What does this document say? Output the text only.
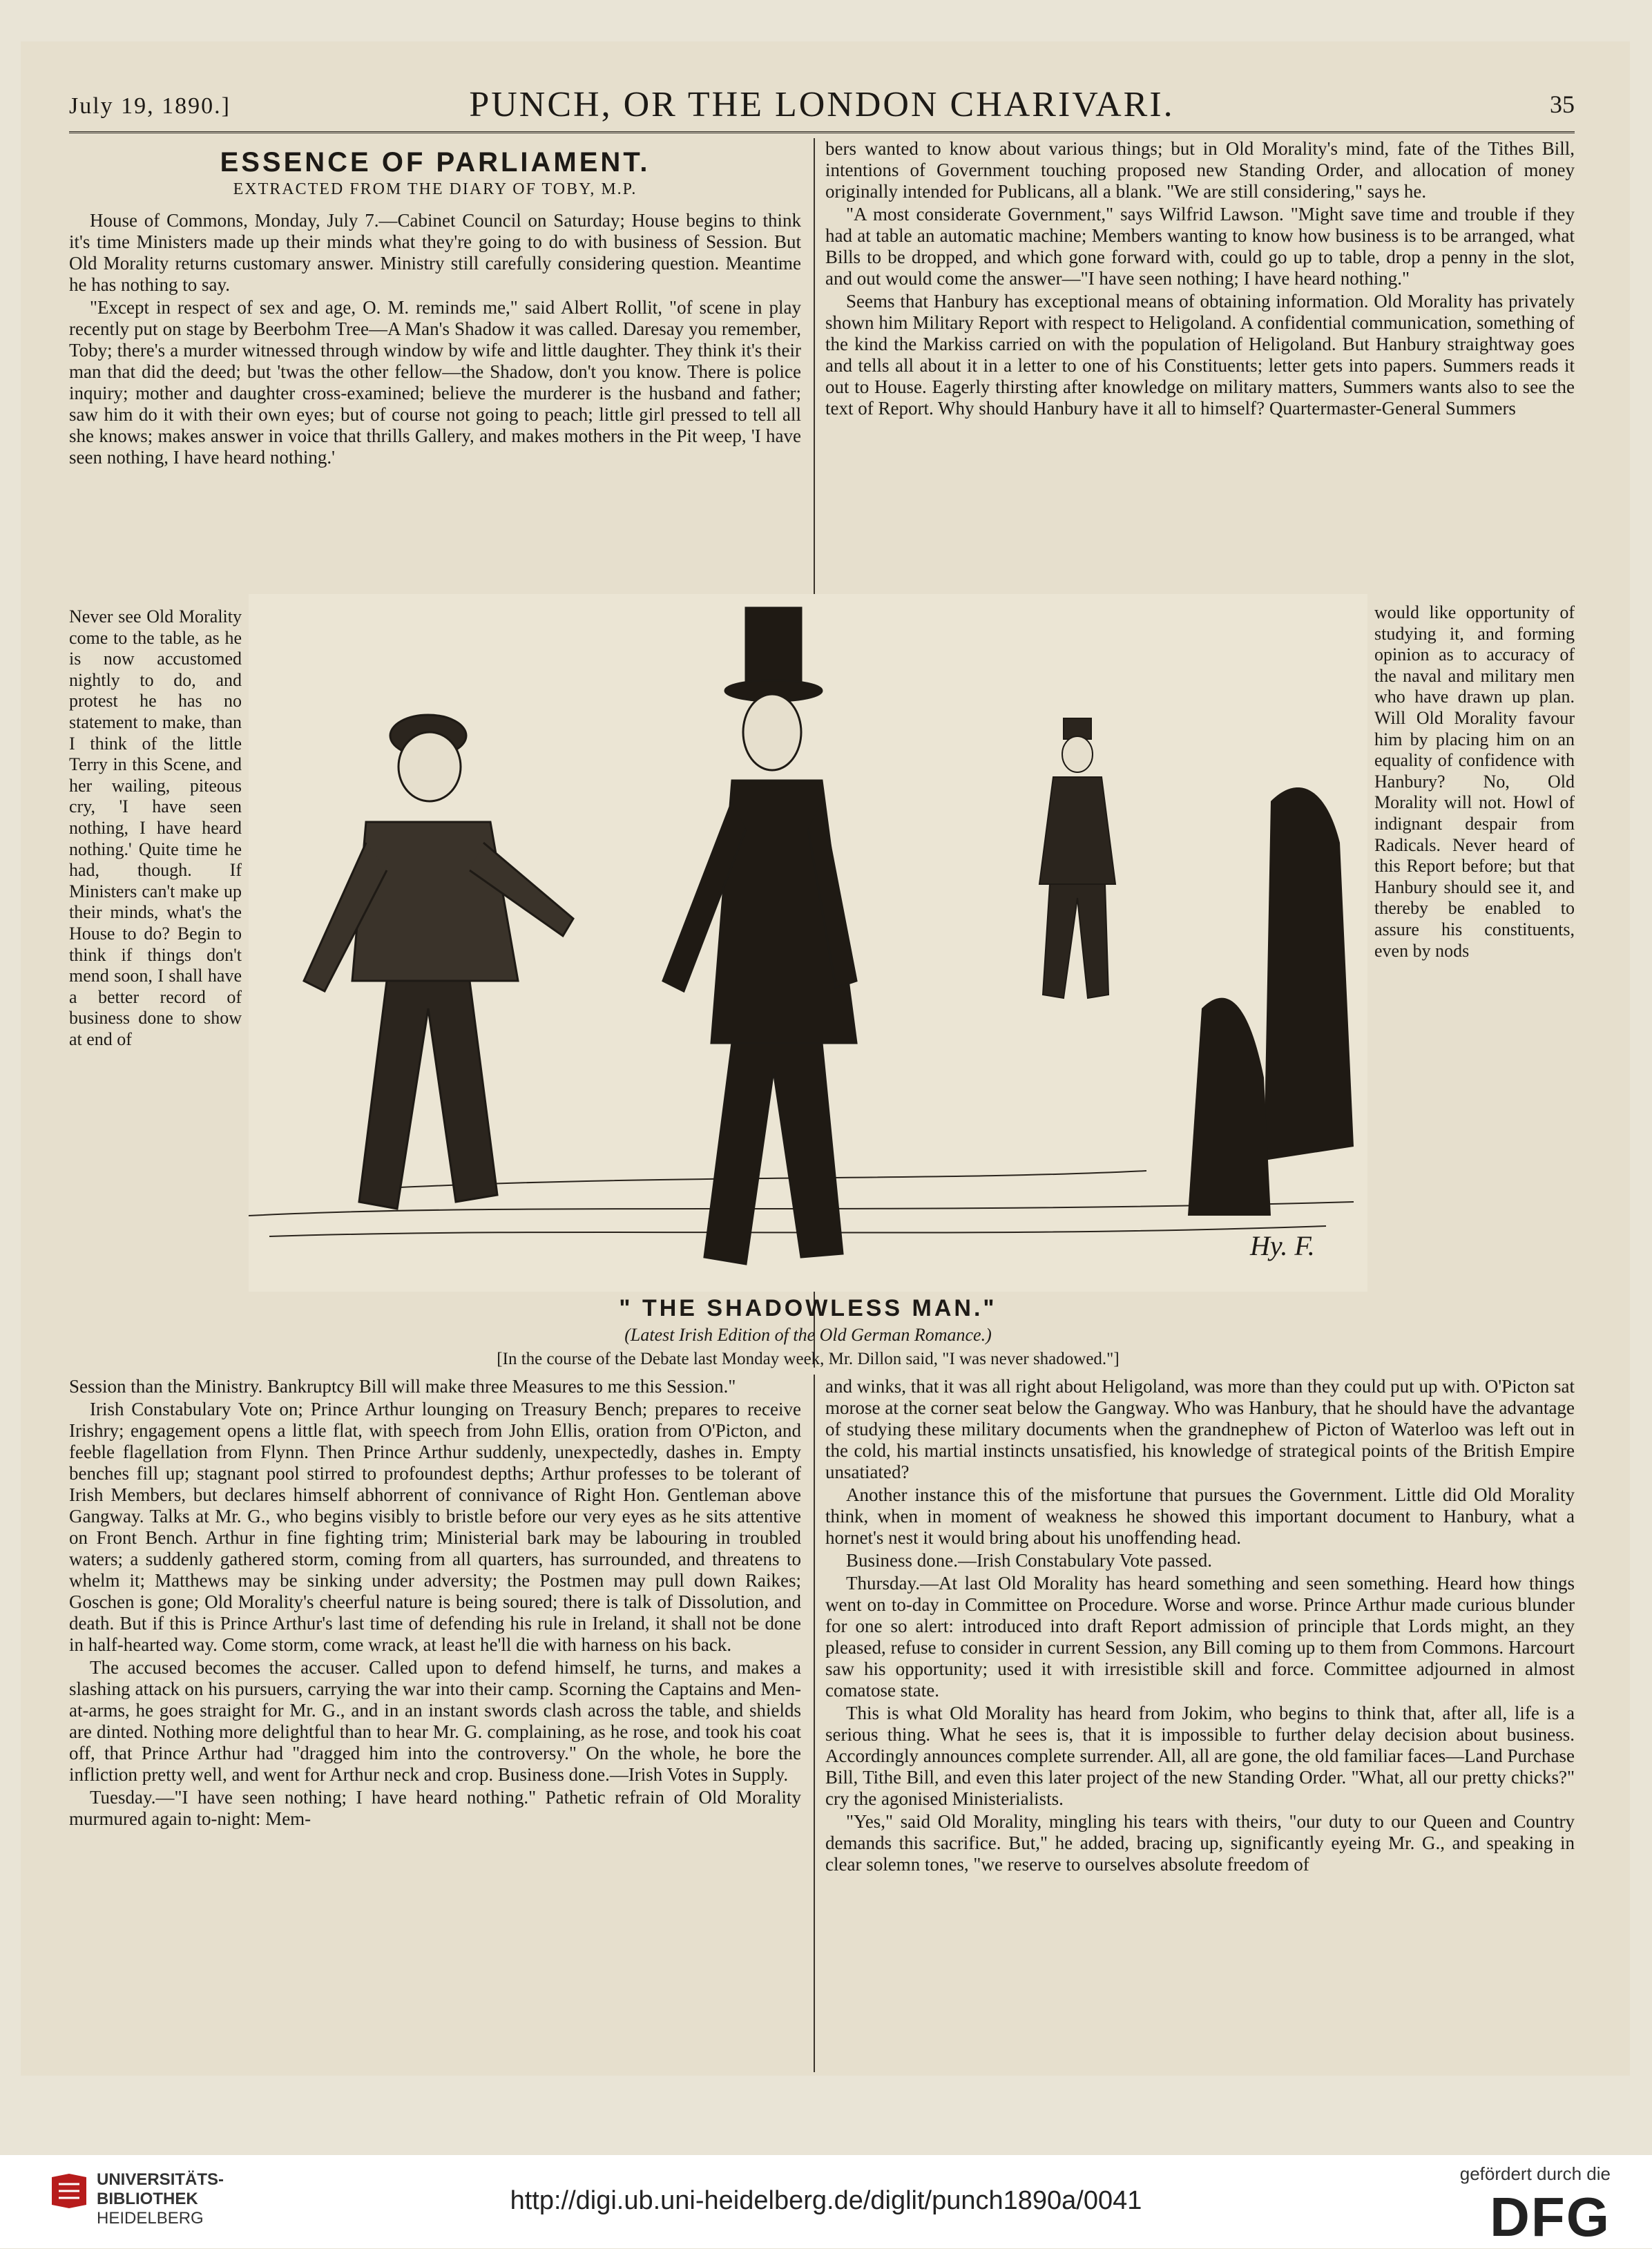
July 19, 1890.]	PUNCH, OR THE LONDON CHARIVARI.	35
ESSENCE OF PARLIAMENT.
EXTRACTED FROM THE DIARY OF TOBY, M.P.

House of Commons, Monday, July 7.—Cabinet Council on Saturday; House begins to think it's time Ministers made up their minds what they're going to do with business of Session. But Old Morality returns customary answer. Ministry still carefully considering question. Meantime he has nothing to say.

"Except in respect of sex and age, O. M. reminds me," said Albert Rollit, "of scene in play recently put on stage by Beerbohm Tree—A Man's Shadow it was called. Daresay you remember, Toby; there's a murder witnessed through window by wife and little daughter. They think it's their man that did the deed; but 'twas the other fellow—the Shadow, don't you know. There is police inquiry; mother and daughter cross-examined; believe the murderer is the husband and father; saw him do it with their own eyes; but of course not going to peach; little girl pressed to tell all she knows; makes answer in voice that thrills Gallery, and makes mothers in the Pit weep, 'I have seen nothing, I have heard nothing.'

Never see Old Morality come to the table, as he is now accustomed nightly to do, and protest he has no statement to make, than I think of the little Terry in this Scene, and her wailing, piteous cry, 'I have seen nothing, I have heard nothing.' Quite time he had, though. If Ministers can't make up their minds, what's the House to do? Begin to think if things don't mend soon, I shall have a better record of business done to show at end of

Session than the Ministry. Bankruptcy Bill will make three Measures to me this Session."

Irish Constabulary Vote on; Prince Arthur lounging on Treasury Bench; prepares to receive Irishry; engagement opens a little flat, with speech from John Ellis, oration from O'Picton, and feeble flagellation from Flynn. Then Prince Arthur suddenly, unexpectedly, dashes in. Empty benches fill up; stagnant pool stirred to profoundest depths; Arthur professes to be tolerant of Irish Members, but declares himself abhorrent of connivance of Right Hon. Gentleman above Gangway. Talks at Mr. G., who begins visibly to bristle before our very eyes as he sits attentive on Front Bench. Arthur in fine fighting trim; Ministerial bark may be labouring in troubled waters; a suddenly gathered storm, coming from all quarters, has surrounded, and threatens to whelm it; Matthews may be sinking under adversity; the Postmen may pull down Raikes; Goschen is gone; Old Morality's cheerful nature is being soured; there is talk of Dissolution, and death. But if this is Prince Arthur's last time of defending his rule in Ireland, it shall not be done in half-hearted way. Come storm, come wrack, at least he'll die with harness on his back.

The accused becomes the accuser. Called upon to defend himself, he turns, and makes a slashing attack on his pursuers, carrying the war into their camp. Scorning the Captains and Men-at-arms, he goes straight for Mr. G., and in an instant swords clash across the table, and shields are dinted. Nothing more delightful than to hear Mr. G. complaining, as he rose, and took his coat off, that Prince Arthur had "dragged him into the controversy." On the whole, he bore the infliction pretty well, and went for Arthur neck and crop. Business done.—Irish Votes in Supply.

Tuesday.—"I have seen nothing; I have heard nothing." Pathetic refrain of Old Morality murmured again to-night: Mem-

bers wanted to know about various things; but in Old Morality's mind, fate of the Tithes Bill, intentions of Government touching proposed new Standing Order, and allocation of money originally intended for Publicans, all a blank. "We are still considering," says he.

"A most considerate Government," says Wilfrid Lawson. "Might save time and trouble if they had at table an automatic machine; Members wanting to know how business is to be arranged, what Bills to be dropped, and which gone forward with, could go up to table, drop a penny in the slot, and out would come the answer—"I have seen nothing; I have heard nothing."

Seems that Hanbury has exceptional means of obtaining information. Old Morality has privately shown him Military Report with respect to Heligoland. A confidential communication, something of the kind the Markiss carried on with the population of Heligoland. But Hanbury straightway goes and tells all about it in a letter to one of his Constituents; letter gets into papers. Summers reads it out to House. Eagerly thirsting after knowledge on military matters, Summers wants also to see the text of Report. Why should Hanbury have it all to himself? Quartermaster-General Summers

would like opportunity of studying it, and forming opinion as to accuracy of the naval and military men who have drawn up plan. Will Old Morality favour him by placing him on an equality of confidence with Hanbury? No, Old Morality will not. Howl of indignant despair from Radicals. Never heard of this Report before; but that Hanbury should see it, and thereby be enabled to assure his constituents, even by nods

and winks, that it was all right about Heligoland, was more than they could put up with. O'Picton sat morose at the corner seat below the Gangway. Who was Hanbury, that he should have the advantage of studying these military documents when the grandnephew of Picton of Waterloo was left out in the cold, his martial instincts unsatisfied, his knowledge of strategical points of the British Empire unsatiated?

Another instance this of the misfortune that pursues the Government. Little did Old Morality think, when in moment of weakness he showed this important document to Hanbury, what a hornet's nest it would bring about his unoffending head.

Business done.—Irish Constabulary Vote passed.

Thursday.—At last Old Morality has heard something and seen something. Heard how things went on to-day in Committee on Procedure. Worse and worse. Prince Arthur made curious blunder for one so alert: introduced into draft Report admission of principle that Lords might, an they pleased, refuse to consider in current Session, any Bill coming up to them from Commons. Harcourt saw his opportunity; used it with irresistible skill and force. Committee adjourned in almost comatose state.

This is what Old Morality has heard from Jokim, who begins to think that, after all, life is a serious thing. What he sees is, that it is impossible to further delay decision about business. Accordingly announces complete surrender. All, all are gone, the old familiar faces—Land Purchase Bill, Tithe Bill, and even this later project of the new Standing Order. "What, all our pretty chicks?" cry the agonised Ministerialists.

"Yes," said Old Morality, mingling his tears with theirs, "our duty to our Queen and Country demands this sacrifice. But," he added, bracing up, significantly eyeing Mr. G., and speaking in clear solemn tones, "we reserve to ourselves absolute freedom of

Hy. F.
" THE SHADOWLESS MAN."
(Latest Irish Edition of the Old German Romance.)
[In the course of the Debate last Monday week, Mr. Dillon said, "I was never shadowed."]
UNIVERSITÄTS-
BIBLIOTHEK
HEIDELBERG
http://digi.ub.uni-heidelberg.de/diglit/punch1890a/0041
gefördert durch die
DFG
